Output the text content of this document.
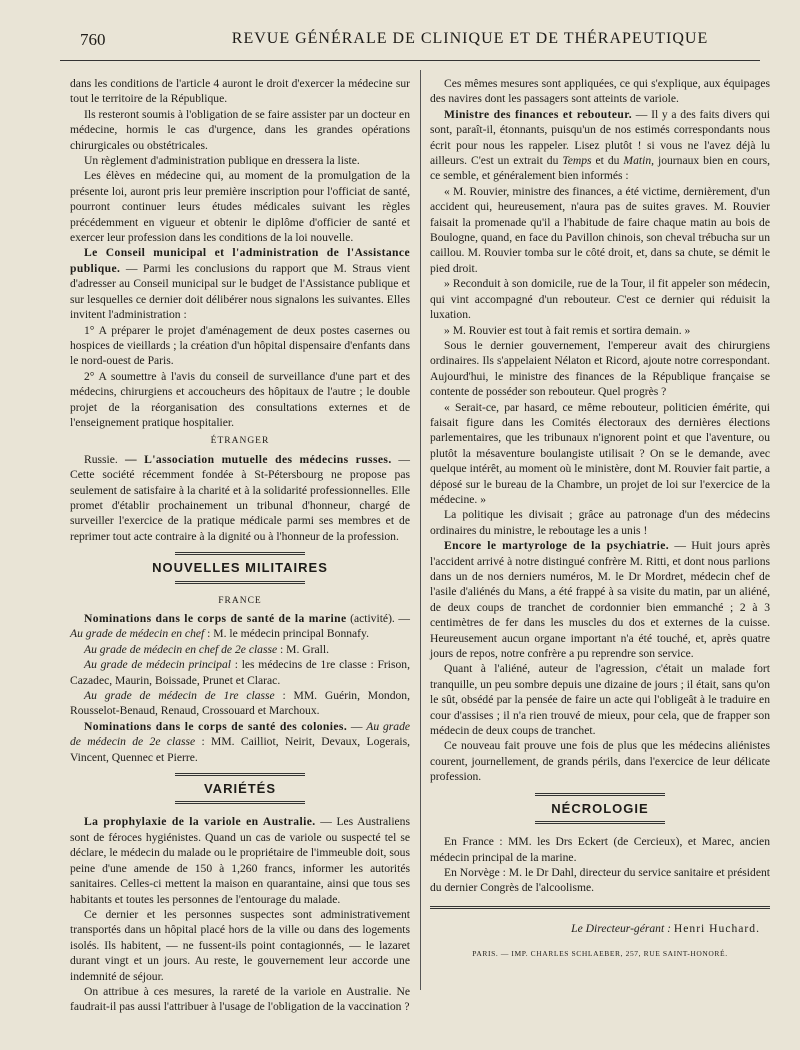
760	REVUE GÉNÉRALE DE CLINIQUE ET DE THÉRAPEUTIQUE

dans les conditions de l'article 4 auront le droit d'exercer la médecine sur tout le territoire de la République.

Ils resteront soumis à l'obligation de se faire assister par un docteur en médecine, hormis le cas d'urgence, dans les grandes opérations chirurgicales ou obstétricales.

Un règlement d'administration publique en dressera la liste.

Les élèves en médecine qui, au moment de la promulgation de la présente loi, auront pris leur première inscription pour l'officiat de santé, pourront continuer leurs études médicales suivant les règles précédemment en vigueur et obtenir le diplôme d'officier de santé et exercer leur profession dans les conditions de la loi nouvelle.

Le Conseil municipal et l'administration de l'Assistance publique. — Parmi les conclusions du rapport que M. Straus vient d'adresser au Conseil municipal sur le budget de l'Assistance publique et sur lesquelles ce dernier doit délibérer nous signalons les suivantes. Elles invitent l'administration :

1° A préparer le projet d'aménagement de deux postes casernes ou hospices de vieillards ; la création d'un hôpital dispensaire d'enfants dans le nord-ouest de Paris.

2° A soumettre à l'avis du conseil de surveillance d'une part et des médecins, chirurgiens et accoucheurs des hôpitaux de l'autre ; le double projet de la réorganisation des consultations externes et de l'enseignement pratique hospitalier.

ÉTRANGER

Russie. — L'association mutuelle des médecins russes. — Cette société récemment fondée à St-Pétersbourg ne propose pas seulement de satisfaire à la charité et à la solidarité professionnelles. Elle promet d'établir prochainement un tribunal d'honneur, chargé de surveiller l'exercice de la pratique médicale parmi ses membres et de reprimer tout acte contraire à la dignité ou à l'honneur de la profession.

NOUVELLES MILITAIRES
FRANCE

Nominations dans le corps de santé de la marine (activité). — Au grade de médecin en chef : M. le médecin principal Bonnafy.

Au grade de médecin en chef de 2e classe : M. Grall.

Au grade de médecin principal : les médecins de 1re classe : Frison, Cazadec, Maurin, Boissade, Prunet et Clarac.

Au grade de médecin de 1re classe : MM. Guérin, Mondon, Rousselot-Benaud, Renaud, Crossouard et Marchoux.

Nominations dans le corps de santé des colonies. — Au grade de médecin de 2e classe : MM. Cailliot, Neirit, Devaux, Logerais, Vincent, Quennec et Pierre.

VARIÉTÉS

La prophylaxie de la variole en Australie. — Les Australiens sont de féroces hygiénistes. Quand un cas de variole ou suspecté tel se déclare, le médecin du malade ou le propriétaire de l'immeuble doit, sous peine d'une amende de 150 à 1,260 francs, informer les autorités sanitaires. Celles-ci mettent la maison en quarantaine, ainsi que tous ses habitants et toutes les personnes de l'entourage du malade.

Ce dernier et les personnes suspectes sont administrativement transportés dans un hôpital placé hors de la ville ou dans des logements isolés. Ils habitent, — ne fussent-ils point contagionnés, — le lazaret durant vingt et un jours. Au reste, le gouvernement leur accorde une indemnité de séjour.

On attribue à ces mesures, la rareté de la variole en Australie. Ne faudrait-il pas aussi l'attribuer à l'usage de l'obligation de la vaccination ?

Ces mêmes mesures sont appliquées, ce qui s'explique, aux équipages des navires dont les passagers sont atteints de variole.

Ministre des finances et rebouteur. — Il y a des faits divers qui sont, paraît-il, étonnants, puisqu'un de nos estimés correspondants nous écrit pour nous les rappeler. Lisez plutôt ! si vous ne l'avez déjà lu ailleurs. C'est un extrait du Temps et du Matin, journaux bien en cours, ce semble, et généralement bien informés :

« M. Rouvier, ministre des finances, a été victime, dernièrement, d'un accident qui, heureusement, n'aura pas de suites graves. M. Rouvier faisait la promenade qu'il a l'habitude de faire chaque matin au bois de Boulogne, quand, en face du Pavillon chinois, son cheval trébucha sur un caillou. M. Rouvier tomba sur le côté droit, et, dans sa chute, se démit le pied droit.

» Reconduit à son domicile, rue de la Tour, il fit appeler son médecin, qui vint accompagné d'un rebouteur. C'est ce dernier qui réduisit la luxation.

» M. Rouvier est tout à fait remis et sortira demain. »

Sous le dernier gouvernement, l'empereur avait des chirurgiens ordinaires. Ils s'appelaient Nélaton et Ricord, ajoute notre correspondant. Aujourd'hui, le ministre des finances de la République française se contente de posséder son rebouteur. Quel progrès ?

« Serait-ce, par hasard, ce même rebouteur, politicien émérite, qui faisait figure dans les Comités électoraux des dernières élections parlementaires, que les tribunaux n'ignorent point et que l'aventure, ou plutôt la mésaventure boulangiste utilisait ? On se le demande, avec quelque intérêt, au moment où le ministère, dont M. Rouvier fait partie, a déposé sur le bureau de la Chambre, un projet de loi sur l'exercice de la médecine. »

La politique les divisait ; grâce au patronage d'un des médecins ordinaires du ministre, le reboutage les a unis !

Encore le martyrologe de la psychiatrie. — Huit jours après l'accident arrivé à notre distingué confrère M. Ritti, et dont nous parlions dans un de nos derniers numéros, M. le Dr Mordret, médecin chef de l'asile d'aliénés du Mans, a été frappé à sa visite du matin, par un aliéné, de deux coups de tranchet de cordonnier bien emmanché ; 2 à 3 centimètres de fer dans les muscles du dos et externes de la cuisse. Heureusement aucun organe important n'a été touché, et, après quatre jours de repos, notre confrère a pu reprendre son service.

Quant à l'aliéné, auteur de l'agression, c'était un malade fort tranquille, un peu sombre depuis une dizaine de jours ; il était, sans qu'on le sût, obsédé par la pensée de faire un acte qui l'obligeât à le traduire en cour d'assises ; il n'a rien trouvé de mieux, pour cela, que de frapper son médecin de deux coups de tranchet.

Ce nouveau fait prouve une fois de plus que les médecins aliénistes courent, journellement, de grands périls, dans l'exercice de leur délicate profession.

NÉCROLOGIE

En France : MM. les Drs Eckert (de Cercieux), et Marec, ancien médecin principal de la marine.

En Norvège : M. le Dr Dahl, directeur du service sanitaire et président du dernier Congrès de l'alcoolisme.

Le Directeur-gérant : Henri Huchard.
PARIS. — IMP. CHARLES SCHLAEBER, 257, RUE SAINT-HONORÉ.
